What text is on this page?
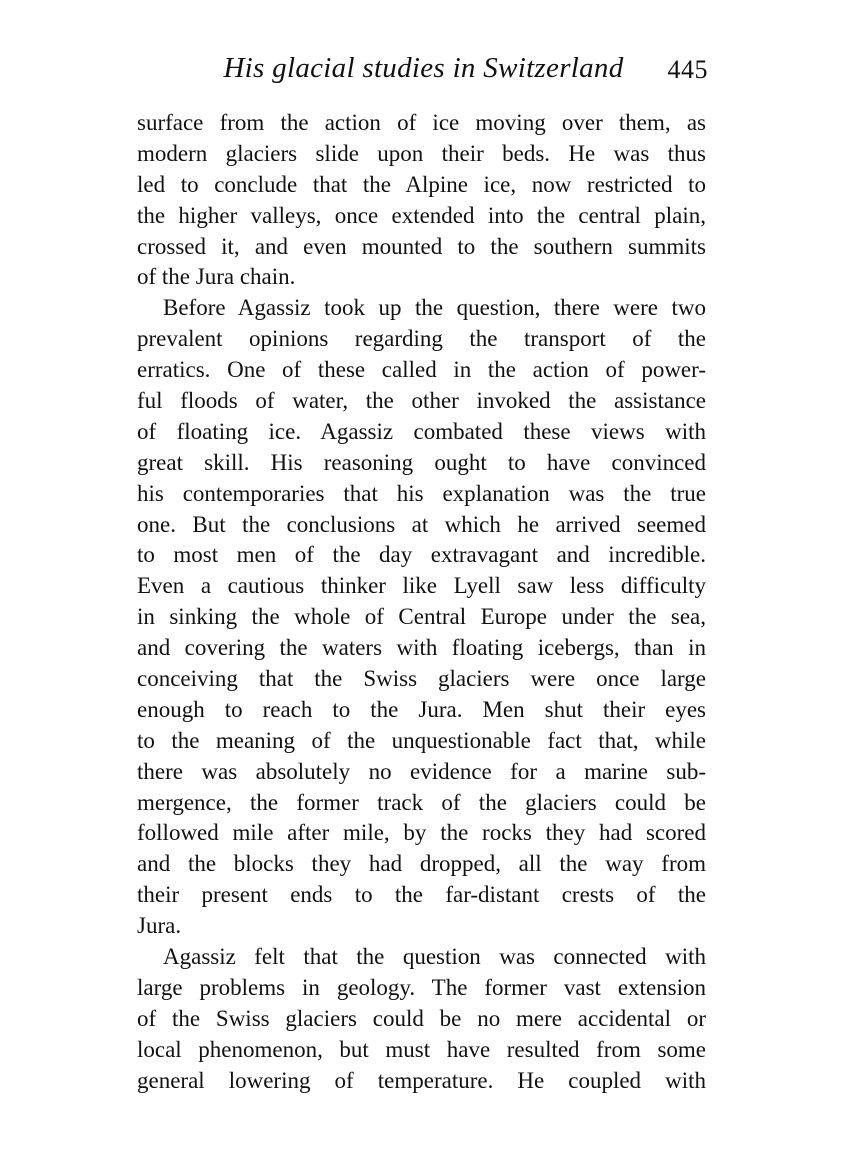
His glacial studies in Switzerland 445
surface from the action of ice moving over them, as
modern glaciers slide upon their beds. He was thus
led to conclude that the Alpine ice, now restricted to
the higher valleys, once extended into the central plain,
crossed it, and even mounted to the southern summits
of the Jura chain.
Before Agassiz took up the question, there were two
prevalent opinions regarding the transport of the
erratics. One of these called in the action of power-
ful floods of water, the other invoked the assistance
of floating ice. Agassiz combated these views with
great skill. His reasoning ought to have convinced
his contemporaries that his explanation was the true
one. But the conclusions at which he arrived seemed
to most men of the day extravagant and incredible.
Even a cautious thinker like Lyell saw less difficulty
in sinking the whole of Central Europe under the sea,
and covering the waters with floating icebergs, than in
conceiving that the Swiss glaciers were once large
enough to reach to the Jura. Men shut their eyes
to the meaning of the unquestionable fact that, while
there was absolutely no evidence for a marine sub-
mergence, the former track of the glaciers could be
followed mile after mile, by the rocks they had scored
and the blocks they had dropped, all the way from
their present ends to the far-distant crests of the
Jura.
Agassiz felt that the question was connected with
large problems in geology. The former vast extension
of the Swiss glaciers could be no mere accidental or
local phenomenon, but must have resulted from some
general lowering of temperature. He coupled with
